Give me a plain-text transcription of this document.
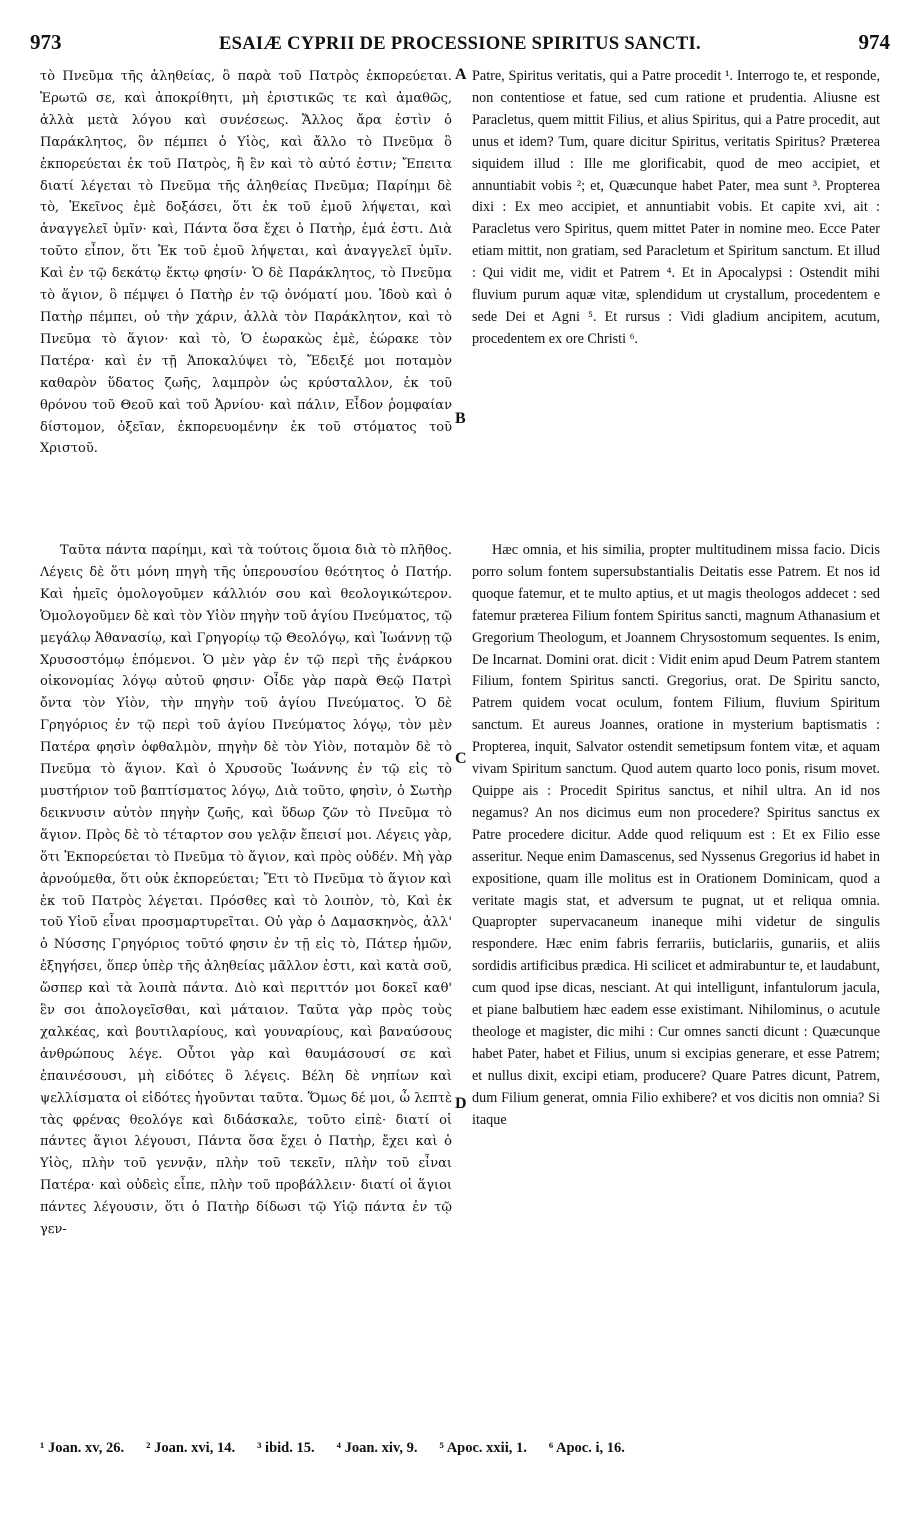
973	ESAIÆ CYPRII DE PROCESSIONE SPIRITUS SANCTI.	974

τὸ Πνεῦμα τῆς ἀληθείας, ὃ παρὰ τοῦ Πατρὸς ἐκπορεύεται. Ἐρωτῶ σε, καὶ ἀποκρίθητι, μὴ ἐριστικῶς τε καὶ ἀμαθῶς, ἀλλὰ μετὰ λόγου καὶ συνέσεως. Ἄλλος ἄρα ἐστὶν ὁ Παράκλητος, ὃν πέμπει ὁ Υἱὸς, καὶ ἄλλο τὸ Πνεῦμα ὃ ἐκπορεύεται ἐκ τοῦ Πατρὸς, ἢ ἓν καὶ τὸ αὐτό ἐστιν; Ἔπειτα διατί λέγεται τὸ Πνεῦμα τῆς ἀληθείας Πνεῦμα; Παρίημι δὲ τὸ, Ἐκεῖνος ἐμὲ δοξάσει, ὅτι ἐκ τοῦ ἐμοῦ λήψεται, καὶ ἀναγγελεῖ ὑμῖν· καὶ, Πάντα ὅσα ἔχει ὁ Πατὴρ, ἐμά ἐστι. Διὰ τοῦτο εἶπον, ὅτι Ἐκ τοῦ ἐμοῦ λήψεται, καὶ ἀναγγελεῖ ὑμῖν. Καὶ ἐν τῷ δεκάτῳ ἕκτῳ φησίν· Ὁ δὲ Παράκλητος, τὸ Πνεῦμα τὸ ἅγιον, ὃ πέμψει ὁ Πατὴρ ἐν τῷ ὀνόματί μου. Ἰδοὺ καὶ ὁ Πατὴρ πέμπει, οὐ τὴν χάριν, ἀλλὰ τὸν Παράκλητον, καὶ τὸ Πνεῦμα τὸ ἅγιον· καὶ τὸ, Ὁ ἑωρακὼς ἐμὲ, ἑώρακε τὸν Πατέρα· καὶ ἐν τῇ Ἀποκαλύψει τὸ, Ἔδειξέ μοι ποταμὸν καθαρὸν ὕδατος ζωῆς, λαμπρὸν ὡς κρύσταλλον, ἐκ τοῦ θρόνου τοῦ Θεοῦ καὶ τοῦ Ἀρνίου· καὶ πάλιν, Εἶδον ῥομφαίαν δίστομον, ὀξεῖαν, ἐκπορευομένην ἐκ τοῦ στόματος τοῦ Χριστοῦ.

Patre, Spiritus veritatis, qui a Patre procedit ¹. Interrogo te, et responde, non contentiose et fatue, sed cum ratione et prudentia. Aliusne est Paracletus, quem mittit Filius, et alius Spiritus, qui a Patre procedit, aut unus et idem? Tum, quare dicitur Spiritus, veritatis Spiritus? Præterea siquidem illud : Ille me glorificabit, quod de meo accipiet, et annuntiabit vobis ²; et, Quæcunque habet Pater, mea sunt ³. Propterea dixi : Ex meo accipiet, et annuntiabit vobis. Et capite xvi, ait : Paracletus vero Spiritus, quem mittet Pater in nomine meo. Ecce Pater etiam mittit, non gratiam, sed Paracletum et Spiritum sanctum. Et illud : Qui vidit me, vidit et Patrem ⁴. Et in Apocalypsi : Ostendit mihi fluvium purum aquæ vitæ, splendidum ut crystallum, procedentem e sede Dei et Agni ⁵. Et rursus : Vidi gladium ancipitem, acutum, procedentem ex ore Christi ⁶.

Ταῦτα πάντα παρίημι, καὶ τὰ τούτοις ὅμοια διὰ τὸ πλῆθος. Λέγεις δὲ ὅτι μόνη πηγὴ τῆς ὑπερουσίου θεότητος ὁ Πατήρ. Καὶ ἡμεῖς ὁμολογοῦμεν κάλλιόν σου καὶ θεολογικώτερον. Ὁμολογοῦμεν δὲ καὶ τὸν Υἱὸν πηγὴν τοῦ ἁγίου Πνεύματος, τῷ μεγάλῳ Ἀθανασίῳ, καὶ Γρηγορίῳ τῷ Θεολόγῳ, καὶ Ἰωάννῃ τῷ Χρυσοστόμῳ ἑπόμενοι. Ὁ μὲν γὰρ ἐν τῷ περὶ τῆς ἐνάρκου οἰκονομίας λόγῳ αὐτοῦ φησιν· Οἶδε γὰρ παρὰ Θεῷ Πατρὶ ὄντα τὸν Υἱὸν, τὴν πηγὴν τοῦ ἁγίου Πνεύματος. Ὁ δὲ Γρηγόριος ἐν τῷ περὶ τοῦ ἁγίου Πνεύματος λόγῳ, τὸν μὲν Πατέρα φησὶν ὀφθαλμὸν, πηγὴν δὲ τὸν Υἱὸν, ποταμὸν δὲ τὸ Πνεῦμα τὸ ἅγιον. Καὶ ὁ Χρυσοῦς Ἰωάννης ἐν τῷ εἰς τὸ μυστήριον τοῦ βαπτίσματος λόγῳ, Διὰ τοῦτο, φησὶν, ὁ Σωτὴρ δεικνυσιν αὐτὸν πηγὴν ζωῆς, καὶ ὕδωρ ζῶν τὸ Πνεῦμα τὸ ἅγιον. Πρὸς δὲ τὸ τέταρτον σου γελᾷν ἔπεισί μοι. Λέγεις γὰρ, ὅτι Ἐκπορεύεται τὸ Πνεῦμα τὸ ἅγιον, καὶ πρὸς οὐδέν. Μὴ γὰρ ἀρνούμεθα, ὅτι οὐκ ἐκπορεύεται; Ἔτι τὸ Πνεῦμα τὸ ἅγιον καὶ ἐκ τοῦ Πατρὸς λέγεται. Πρόσθες καὶ τὸ λοιπὸν, τὸ, Καὶ ἐκ τοῦ Υἱοῦ εἶναι προσμαρτυρεῖται. Οὐ γὰρ ὁ Δαμασκηνὸς, ἀλλ' ὁ Νύσσης Γρηγόριος τοῦτό φησιν ἐν τῇ εἰς τὸ, Πάτερ ἡμῶν, ἐξηγήσει, ὅπερ ὑπὲρ τῆς ἀληθείας μᾶλλον ἐστι, καὶ κατὰ σοῦ, ὥσπερ καὶ τὰ λοιπὰ πάντα. Διὸ καὶ περιττόν μοι δοκεῖ καθ' ἓν σοι ἀπολογεῖσθαι, καὶ μάταιον. Ταῦτα γὰρ πρὸς τοὺς χαλκέας, καὶ βουτιλαρίους, καὶ γουναρίους, καὶ βαναύσους ἀνθρώπους λέγε. Οὗτοι γὰρ καὶ θαυμάσουσί σε καὶ ἐπαινέσουσι, μὴ εἰδότες ὃ λέγεις. Βέλη δὲ νηπίων καὶ ψελλίσματα οἱ εἰδότες ἡγοῦνται ταῦτα. Ὅμως δέ μοι, ὦ λεπτὲ τὰς φρένας θεολόγε καὶ διδάσκαλε, τοῦτο εἰπὲ· διατί οἱ πάντες ἅγιοι λέγουσι, Πάντα ὅσα ἔχει ὁ Πατὴρ, ἔχει καὶ ὁ Υἱὸς, πλὴν τοῦ γεννᾷν, πλὴν τοῦ τεκεῖν, πλὴν τοῦ εἶναι Πατέρα· καὶ οὐδεὶς εἶπε, πλὴν τοῦ προβάλλειν· διατί οἱ ἅγιοι πάντες λέγουσιν, ὅτι ὁ Πατὴρ δίδωσι τῷ Υἱῷ πάντα ἐν τῷ γεν-

Hæc omnia, et his similia, propter multitudinem missa facio. Dicis porro solum fontem supersubstantialis Deitatis esse Patrem. Et nos id quoque fatemur, et te multo aptius, et ut magis theologos addecet : sed fatemur præterea Filium fontem Spiritus sancti, magnum Athanasium et Gregorium Theologum, et Joannem Chrysostomum sequentes. Is enim, De Incarnat. Domini orat. dicit : Vidit enim apud Deum Patrem stantem Filium, fontem Spiritus sancti. Gregorius, orat. De Spiritu sancto, Patrem quidem vocat oculum, fontem Filium, fluvium Spiritum sanctum. Et aureus Joannes, oratione in mysterium baptismatis : Propterea, inquit, Salvator ostendit semetipsum fontem vitæ, et aquam vivam Spiritum sanctum. Quod autem quarto loco ponis, risum movet. Quippe ais : Procedit Spiritus sanctus, et nihil ultra. An id nos negamus? An nos dicimus eum non procedere? Spiritus sanctus ex Patre procedere dicitur. Adde quod reliquum est : Et ex Filio esse asseritur. Neque enim Damascenus, sed Nyssenus Gregorius id habet in expositione, quam ille molitus est in Orationem Dominicam, quod a veritate magis stat, et adversum te pugnat, ut et reliqua omnia. Quapropter supervacaneum inaneque mihi videtur de singulis respondere. Hæc enim fabris ferrariis, buticlariis, gunariis, et aliis sordidis artificibus prædica. Hi scilicet et admirabuntur te, et laudabunt, cum quod ipse dicas, nesciant. At qui intelligunt, infantulorum jacula, et piane balbutiem hæc eadem esse existimant. Nihilominus, o acutule theologe et magister, dic mihi : Cur omnes sancti dicunt : Quæcunque habet Pater, habet et Filius, unum si excipias generare, et esse Patrem; et nullus dixit, excipi etiam, producere? Quare Patres dicunt, Patrem, dum Filium generat, omnia Filio exhibere? et vos dicitis non omnia? Si itaque

A
B
C
D
¹ Joan. xv, 26. ² Joan. xvi, 14. ³ ibid. 15. ⁴ Joan. xiv, 9. ⁵ Apoc. xxii, 1. ⁶ Apoc. i, 16.
